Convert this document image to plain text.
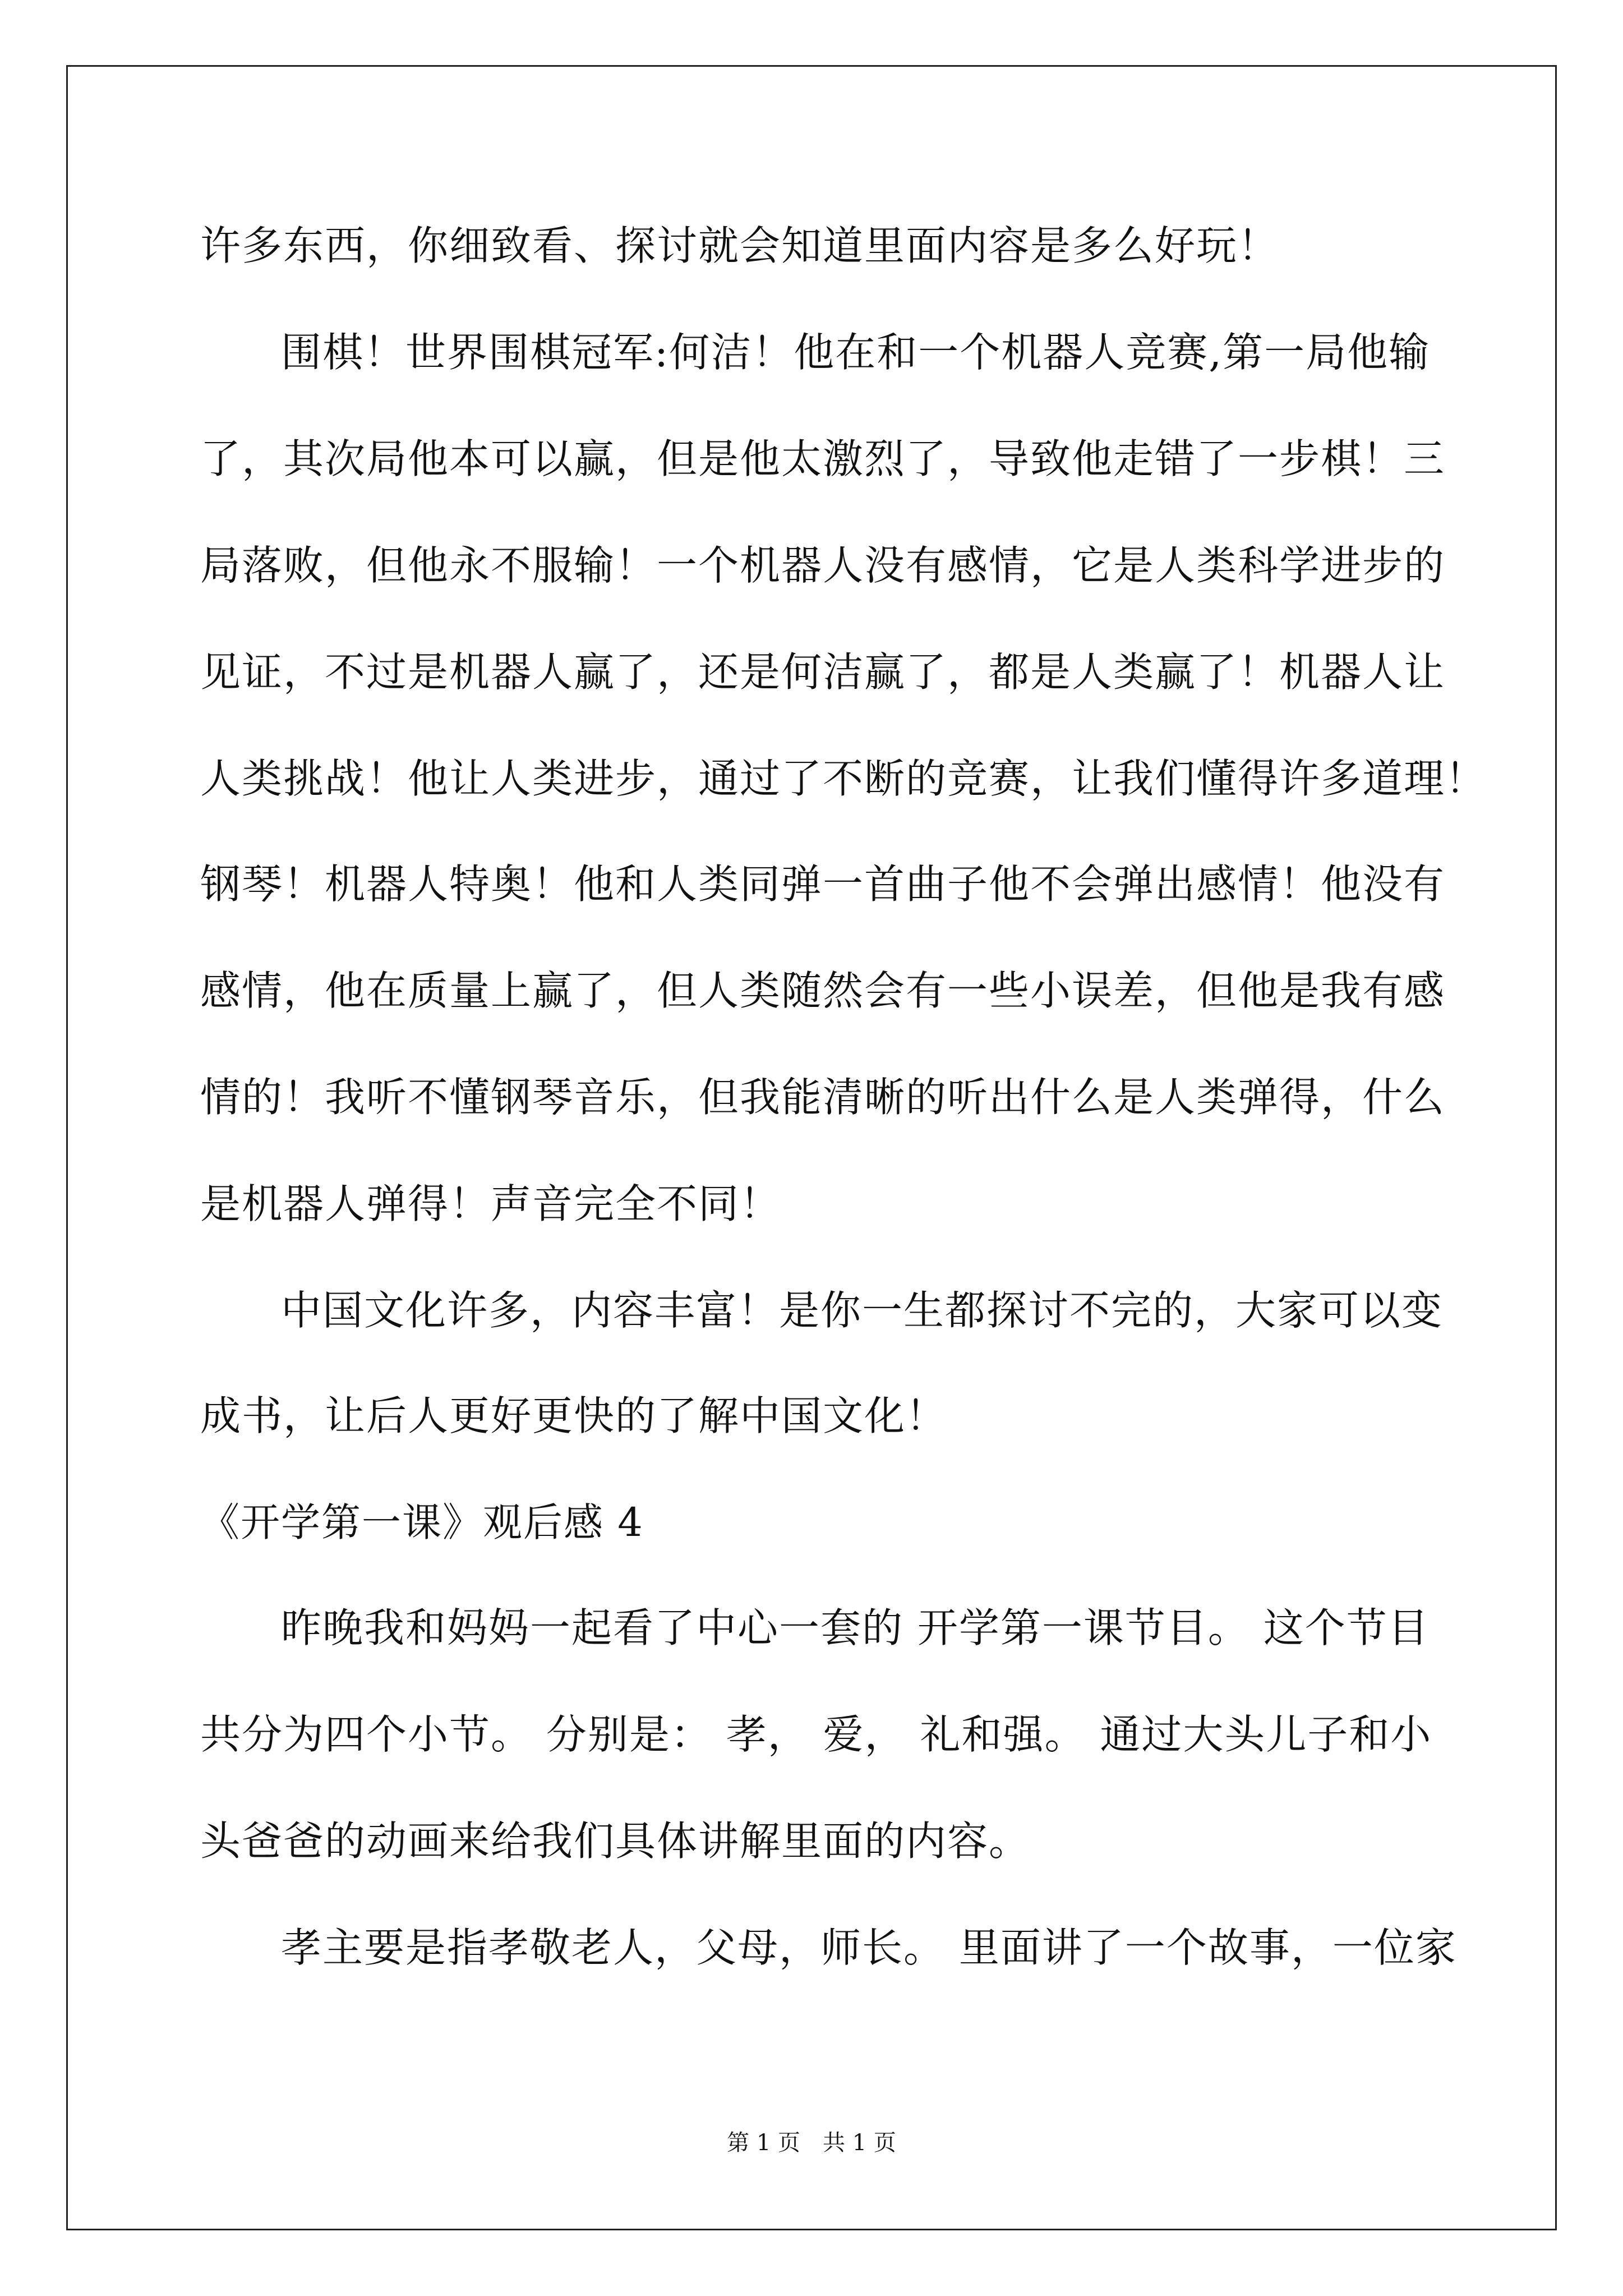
许多东西，你细致看、探讨就会知道里面内容是多么好玩！
围棋！世界围棋冠军:何洁！他在和一个机器人竞赛,第一局他输
了，其次局他本可以赢，但是他太激烈了，导致他走错了一步棋！三
局落败，但他永不服输！一个机器人没有感情，它是人类科学进步的
见证，不过是机器人赢了，还是何洁赢了，都是人类赢了！机器人让
人类挑战！他让人类进步，通过了不断的竞赛，让我们懂得许多道理！
钢琴！机器人特奥！他和人类同弹一首曲子他不会弹出感情！他没有
感情，他在质量上赢了，但人类随然会有一些小误差，但他是我有感
情的！我听不懂钢琴音乐，但我能清晰的听出什么是人类弹得，什么
是机器人弹得！声音完全不同！
中国文化许多，内容丰富！是你一生都探讨不完的，大家可以变
成书，让后人更好更快的了解中国文化！
《开学第一课》观后感 4
昨晚我和妈妈一起看了中心一套的 开学第一课节目。 这个节目
共分为四个小节。 分别是： 孝， 爱， 礼和强。 通过大头儿子和小
头爸爸的动画来给我们具体讲解里面的内容。
孝主要是指孝敬老人，父母，师长。 里面讲了一个故事，一位家
第 1 页　共 1 页
